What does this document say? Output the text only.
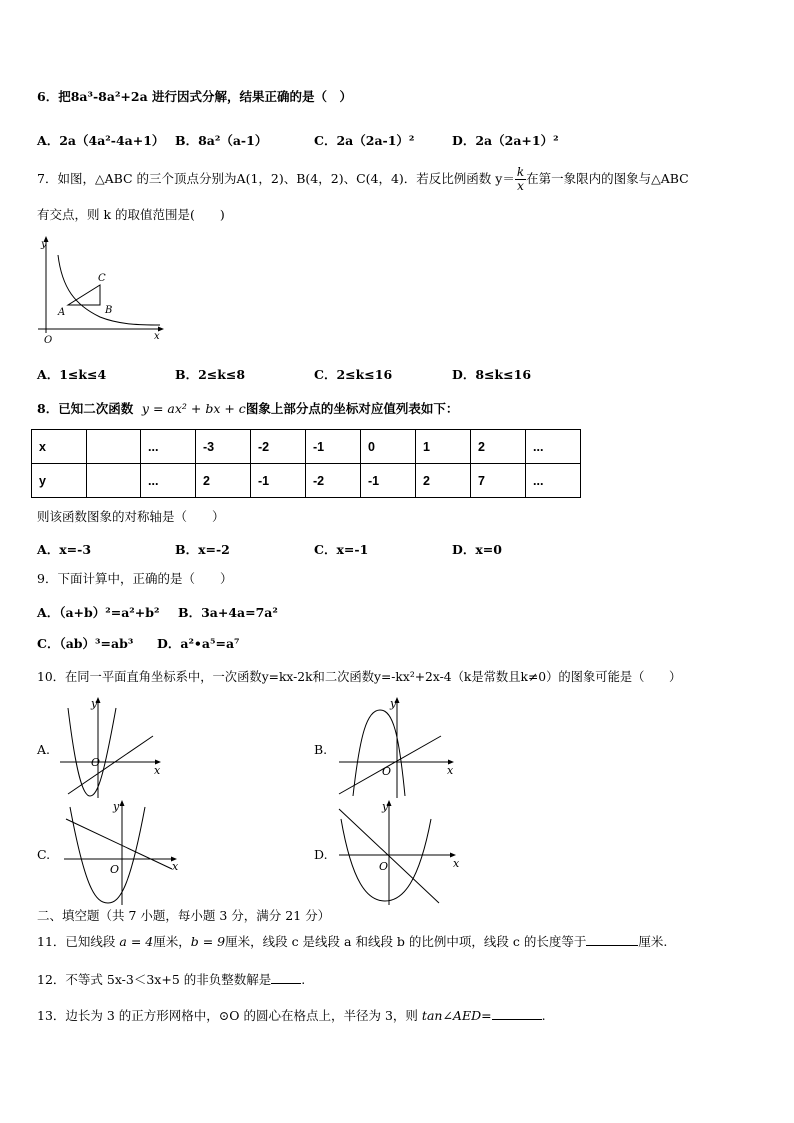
6．把8a³-8a²+2a 进行因式分解，结果正确的是（　）
A．2a（4a²-4a+1） B．8a²（a-1）	C．2a（2a-1）²	D．2a（2a+1）²
7．如图，△ABC 的三个顶点分别为A(1，2)、B(4，2)、C(4，4)．若反比例函数 $y= \frac{k}{x}$ 在第一象限内的图象与△ABC
有交点，则 k 的取值范围是(　　)
y
x
O
A	B
C
A．1≤k≤4	B．2≤k≤8	C．2≤k≤16	D．8≤k≤16
8．已知二次函数 y = ax² + bx + c图象上部分点的坐标对应值列表如下：
x		...	-3	-2	-1	0	1	2	...
y		...	2	-1	-2	-1	2	7	...
则该函数图象的对称轴是（　　）
A．x=-3	B．x=-2	C．x=-1	D．x=0
9．下面计算中，正确的是（　　）
A．（a+b）²=a²+b² B．3a+4a=7a²
C．（ab）³=ab³ D．a²•a⁵=a⁷
10．在同一平面直角坐标系中，一次函数y=kx-2k和二次函数y=-kx²+2x-4（k是常数且k≠0）的图象可能是（　　）
A.
y
x
O
B.
y
x
O
C.
y
x
O
D.
y
x
O
二、填空题（共 7 小题，每小题 3 分，满分 21 分）
11．已知线段 a = 4厘米，b = 9厘米，线段 c 是线段 a 和线段 b 的比例中项，线段 c 的长度等于	厘米.
12．不等式 5x-3＜3x+5 的非负整数解是 .
13．边长为 3 的正方形网格中，⊙O 的圆心在格点上，半径为 3，则 tan∠AED=	.
